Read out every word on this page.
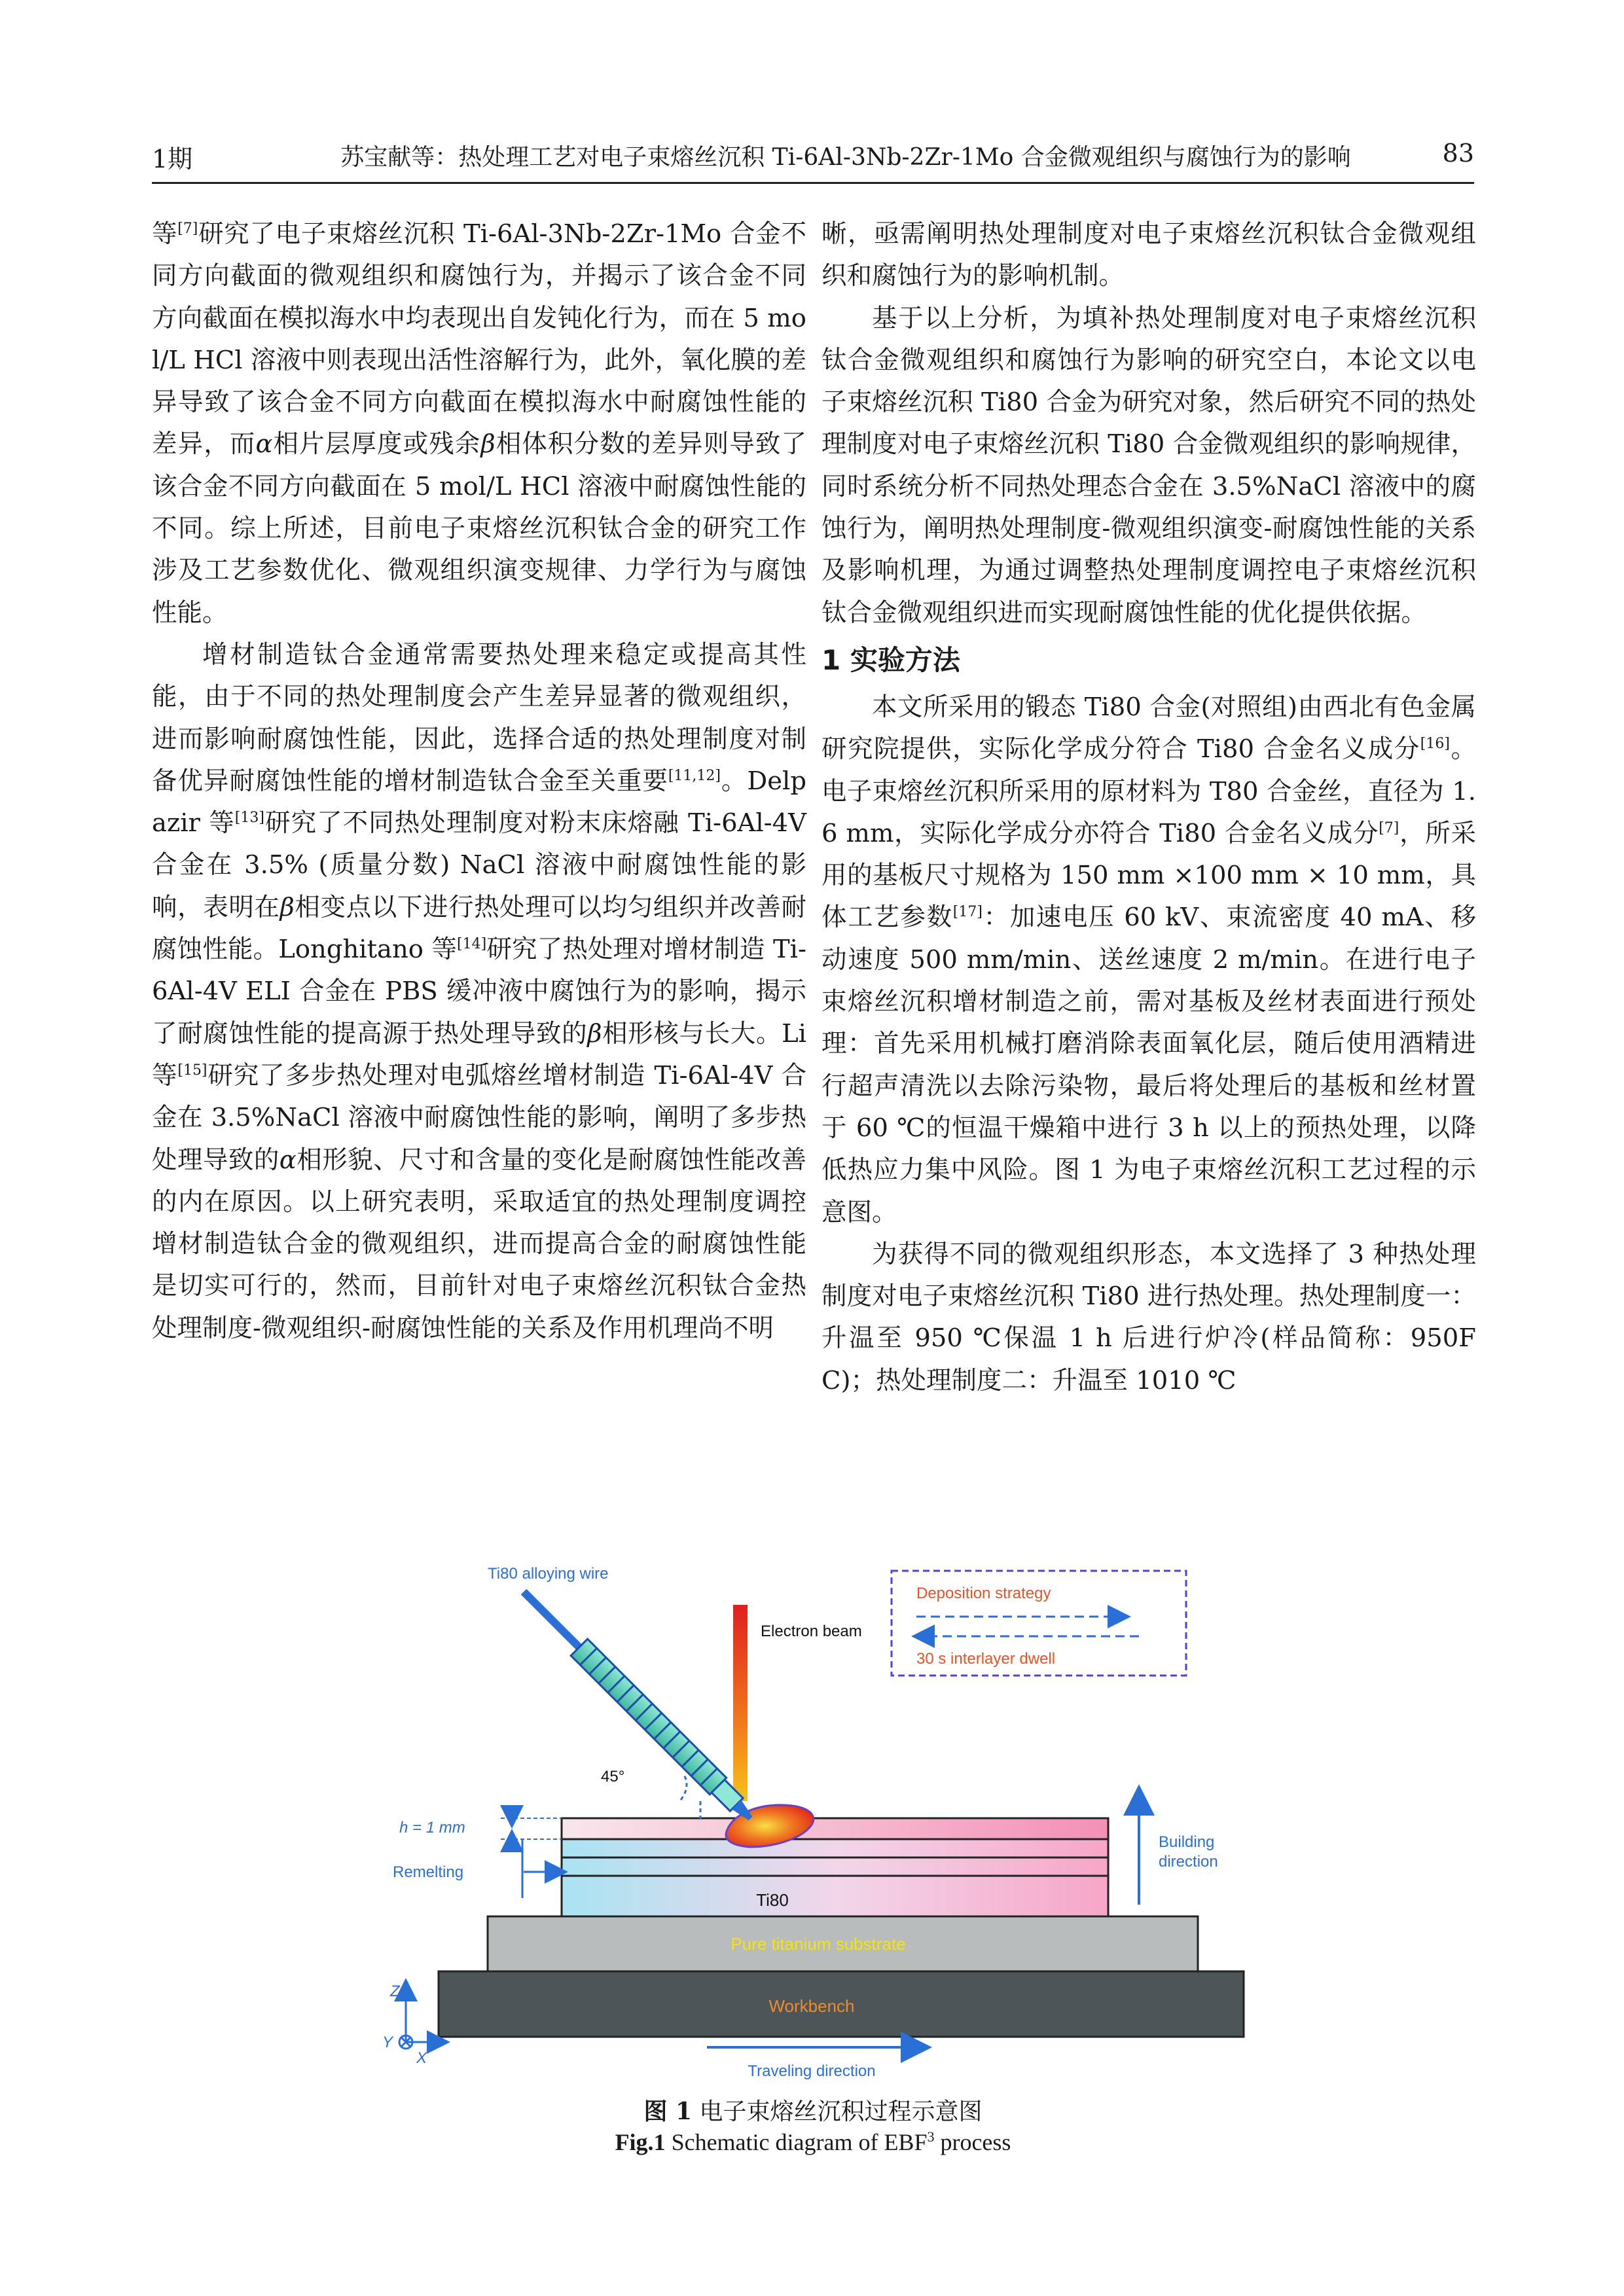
1期	苏宝献等：热处理工艺对电子束熔丝沉积 Ti-6Al-3Nb-2Zr-1Mo 合金微观组织与腐蚀行为的影响	83

等[7]研究了电子束熔丝沉积 Ti-6Al-3Nb-2Zr-1Mo 合金不同方向截面的微观组织和腐蚀行为，并揭示了该合金不同方向截面在模拟海水中均表现出自发钝化行为，而在 5 mol/L HCl 溶液中则表现出活性溶解行为，此外，氧化膜的差异导致了该合金不同方向截面在模拟海水中耐腐蚀性能的差异，而α相片层厚度或残余β相体积分数的差异则导致了该合金不同方向截面在 5 mol/L HCl 溶液中耐腐蚀性能的不同。综上所述，目前电子束熔丝沉积钛合金的研究工作涉及工艺参数优化、微观组织演变规律、力学行为与腐蚀性能。

增材制造钛合金通常需要热处理来稳定或提高其性能，由于不同的热处理制度会产生差异显著的微观组织，进而影响耐腐蚀性能，因此，选择合适的热处理制度对制备优异耐腐蚀性能的增材制造钛合金至关重要[11,12]。Delpazir 等[13]研究了不同热处理制度对粉末床熔融 Ti-6Al-4V 合金在 3.5% (质量分数) NaCl 溶液中耐腐蚀性能的影响，表明在β相变点以下进行热处理可以均匀组织并改善耐腐蚀性能。Longhitano 等[14]研究了热处理对增材制造 Ti-6Al-4V ELI 合金在 PBS 缓冲液中腐蚀行为的影响，揭示了耐腐蚀性能的提高源于热处理导致的β相形核与长大。Li 等[15]研究了多步热处理对电弧熔丝增材制造 Ti-6Al-4V 合金在 3.5%NaCl 溶液中耐腐蚀性能的影响，阐明了多步热处理导致的α相形貌、尺寸和含量的变化是耐腐蚀性能改善的内在原因。以上研究表明，采取适宜的热处理制度调控增材制造钛合金的微观组织，进而提高合金的耐腐蚀性能是切实可行的，然而，目前针对电子束熔丝沉积钛合金热处理制度-微观组织-耐腐蚀性能的关系及作用机理尚不明

晰，亟需阐明热处理制度对电子束熔丝沉积钛合金微观组织和腐蚀行为的影响机制。

基于以上分析，为填补热处理制度对电子束熔丝沉积钛合金微观组织和腐蚀行为影响的研究空白，本论文以电子束熔丝沉积 Ti80 合金为研究对象，然后研究不同的热处理制度对电子束熔丝沉积 Ti80 合金微观组织的影响规律，同时系统分析不同热处理态合金在 3.5%NaCl 溶液中的腐蚀行为，阐明热处理制度-微观组织演变-耐腐蚀性能的关系及影响机理，为通过调整热处理制度调控电子束熔丝沉积钛合金微观组织进而实现耐腐蚀性能的优化提供依据。

1 实验方法

本文所采用的锻态 Ti80 合金(对照组)由西北有色金属研究院提供，实际化学成分符合 Ti80 合金名义成分[16]。电子束熔丝沉积所采用的原材料为 T80 合金丝，直径为 1.6 mm，实际化学成分亦符合 Ti80 合金名义成分[7]，所采用的基板尺寸规格为 150 mm ×100 mm × 10 mm，具体工艺参数[17]：加速电压 60 kV、束流密度 40 mA、移动速度 500 mm/min、送丝速度 2 m/min。在进行电子束熔丝沉积增材制造之前，需对基板及丝材表面进行预处理：首先采用机械打磨消除表面氧化层，随后使用酒精进行超声清洗以去除污染物，最后将处理后的基板和丝材置于 60 ℃的恒温干燥箱中进行 3 h 以上的预热处理，以降低热应力集中风险。图 1 为电子束熔丝沉积工艺过程的示意图。

为获得不同的微观组织形态，本文选择了 3 种热处理制度对电子束熔丝沉积 Ti80 进行热处理。热处理制度一：升温至 950 ℃保温 1 h 后进行炉冷(样品简称：950FC)；热处理制度二：升温至 1010 ℃

Workbench
Pure titanium substrate
Ti80
Electron beam
Ti80 alloying wire
45°
Deposition strategy
30 s interlayer dwell
h = 1 mm
Remelting
Building
direction
Z
Y
X
Traveling direction
图 1 电子束熔丝沉积过程示意图
Fig.1 Schematic diagram of EBF$^3$ process
